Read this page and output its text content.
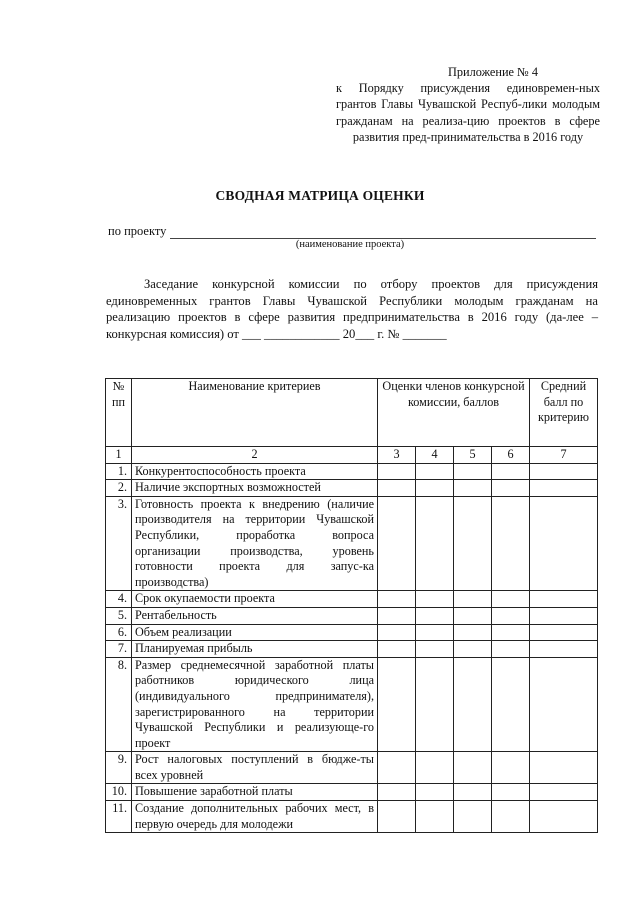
Приложение № 4
к Порядку присуждения единовремен-ных грантов Главы Чувашской Респуб-лики молодым гражданам на реализа-цию проектов в сфере развития пред-принимательства в 2016 году
СВОДНАЯ МАТРИЦА ОЦЕНКИ
по проекту
(наименование проекта)
Заседание конкурсной комиссии по отбору проектов для присуждения единовременных грантов Главы Чувашской Республики молодым гражданам на реализацию проектов в сфере развития предпринимательства в 2016 году (да-лее – конкурсная комиссия) от ___ ____________ 20___ г. № _______
№ пп	Наименование критериев	Оценки членов конкурсной комиссии, баллов				Средний балл по критерию
1	2	3	4	5	6	7
1.	Конкурентоспособность проекта					
2.	Наличие экспортных возможностей					
3.	Готовность проекта к внедрению (наличие производителя на территории Чувашской Республики, проработка вопроса организации производства, уровень готовности проекта для запус-ка производства)					
4.	Срок окупаемости проекта					
5.	Рентабельность					
6.	Объем реализации					
7.	Планируемая прибыль					
8.	Размер среднемесячной заработной платы работников юридического лица (индивидуального предпринимателя), зарегистрированного на территории Чувашской Республики и реализующе-го проект					
9.	Рост налоговых поступлений в бюдже-ты всех уровней					
10.	Повышение заработной платы					
11.	Создание дополнительных рабочих мест, в первую очередь для молодежи					
